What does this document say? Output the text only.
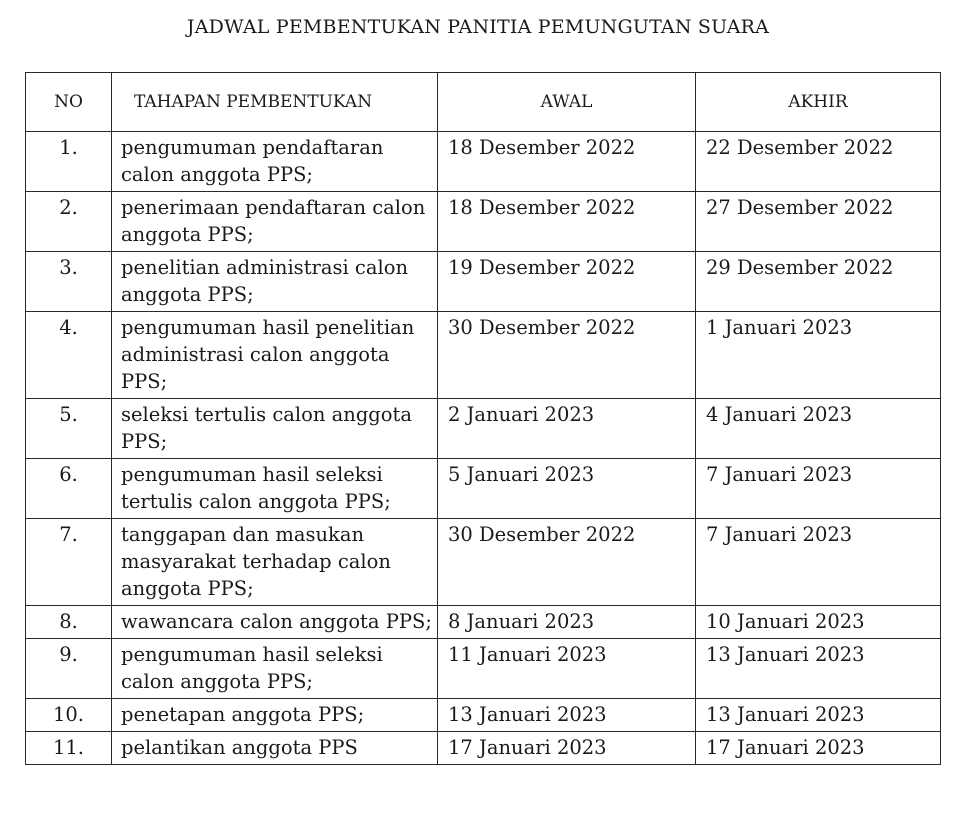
JADWAL PEMBENTUKAN PANITIA PEMUNGUTAN SUARA
NO	TAHAPAN PEMBENTUKAN	AWAL	AKHIR
1.	pengumuman pendaftaran calon anggota PPS;	18 Desember 2022	22 Desember 2022
2.	penerimaan pendaftaran calon anggota PPS;	18 Desember 2022	27 Desember 2022
3.	penelitian administrasi calon anggota PPS;	19 Desember 2022	29 Desember 2022
4.	pengumuman hasil penelitian administrasi calon anggota PPS;	30 Desember 2022	1 Januari 2023
5.	seleksi tertulis calon anggota PPS;	2 Januari 2023	4 Januari 2023
6.	pengumuman hasil seleksi tertulis calon anggota PPS;	5 Januari 2023	7 Januari 2023
7.	tanggapan dan masukan masyarakat terhadap calon anggota PPS;	30 Desember 2022	7 Januari 2023
8.	wawancara calon anggota PPS;	8 Januari 2023	10 Januari 2023
9.	pengumuman hasil seleksi calon anggota PPS;	11 Januari 2023	13 Januari 2023
10.	penetapan anggota PPS;	13 Januari 2023	13 Januari 2023
11.	pelantikan anggota PPS	17 Januari 2023	17 Januari 2023
